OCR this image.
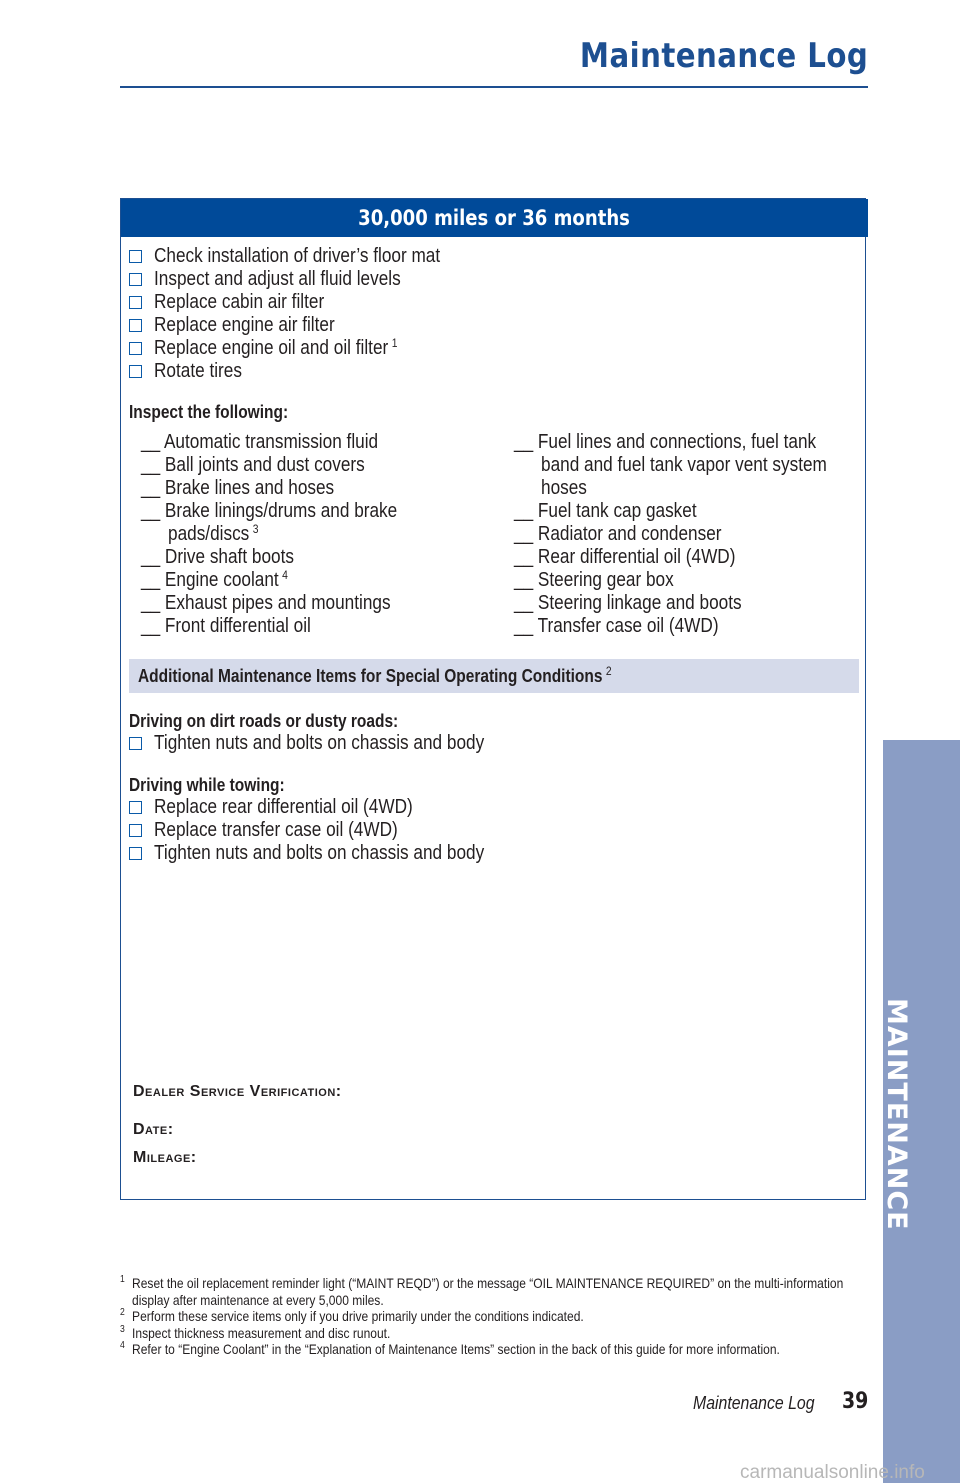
Maintenance Log
30,000 miles or 36 months
Check installation of driver’s floor mat
Inspect and adjust all fluid levels
Replace cabin air filter
Replace engine air filter
Replace engine oil and oil filter $^1$
Rotate tires
Inspect the following:
__ Automatic transmission fluid
__ Ball joints and dust covers
__ Brake lines and hoses
__ Brake linings/drums and brake
pads/discs $^3$
__ Drive shaft boots
__ Engine coolant $^4$
__ Exhaust pipes and mountings
__ Front differential oil
__ Fuel lines and connections, fuel tank
band and fuel tank vapor vent system
hoses
__ Fuel tank cap gasket
__ Radiator and condenser
__ Rear differential oil (4WD)
__ Steering gear box
__ Steering linkage and boots
__ Transfer case oil (4WD)
Additional Maintenance Items for Special Operating Conditions $^2$
Driving on dirt roads or dusty roads:
Tighten nuts and bolts on chassis and body
Driving while towing:
Replace rear differential oil (4WD)
Replace transfer case oil (4WD)
Tighten nuts and bolts on chassis and body
Dealer Service Verification:
Date:
Mileage:
1 Reset the oil replacement reminder light (“MAINT REQD”) or the message “OIL MAINTENANCE REQUIRED” on the multi-information display after maintenance at every 5,000 miles.
2 Perform these service items only if you drive primarily under the conditions indicated.
3 Inspect thickness measurement and disc runout.
4 Refer to “Engine Coolant” in the “Explanation of Maintenance Items” section in the back of this guide for more information.
Maintenance Log 39
MAINTENANCE
carmanualsonline.info
